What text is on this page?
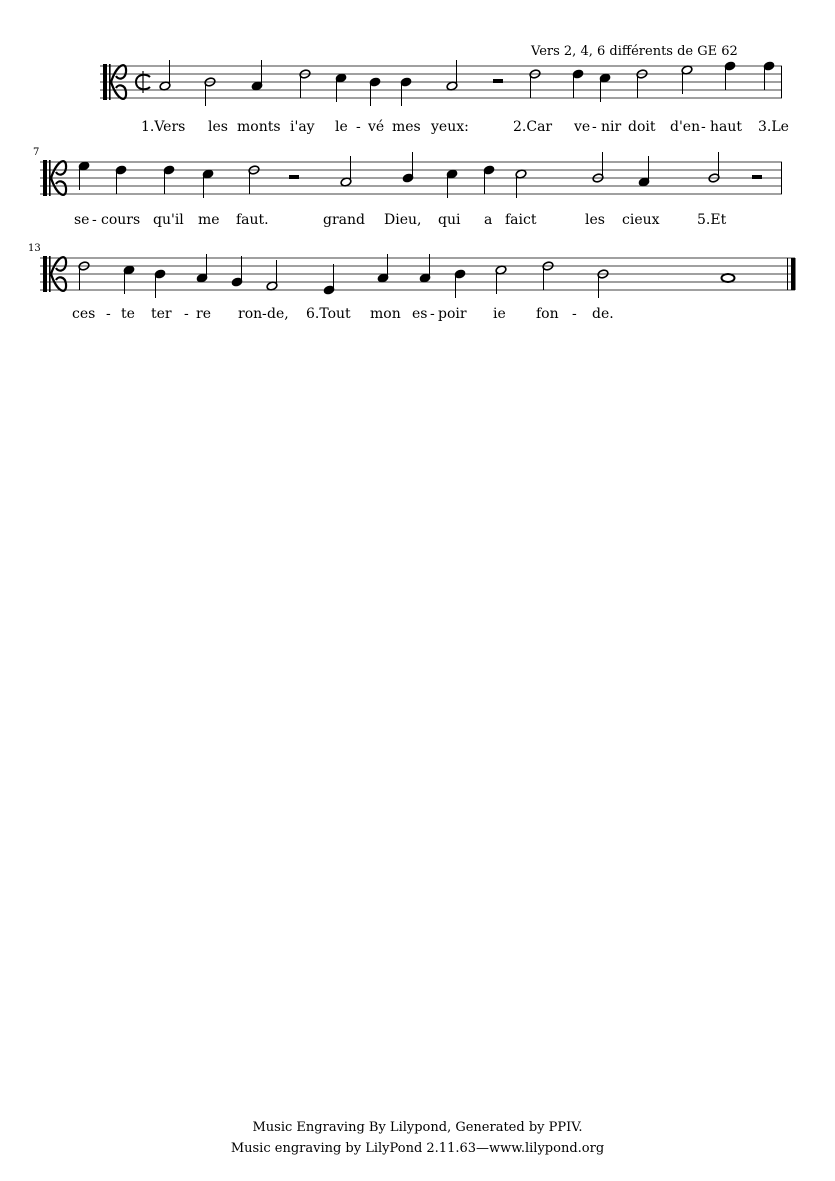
Vers 2, 4, 6 différents de GE 62
7
13
1.Vers les monts i'ay le - vé mes yeux:	2.Car ve - nir doit d'en - haut 3.Le
se - cours qu'il me faut.	grand Dieu, qui a faict	les cieux	5.Et
ces - te ter - re ron - de, 6.Tout mon es - poir ie fon - de.
Music Engraving By Lilypond, Generated by PPIV.
Music engraving by LilyPond 2.11.63—www.lilypond.org
